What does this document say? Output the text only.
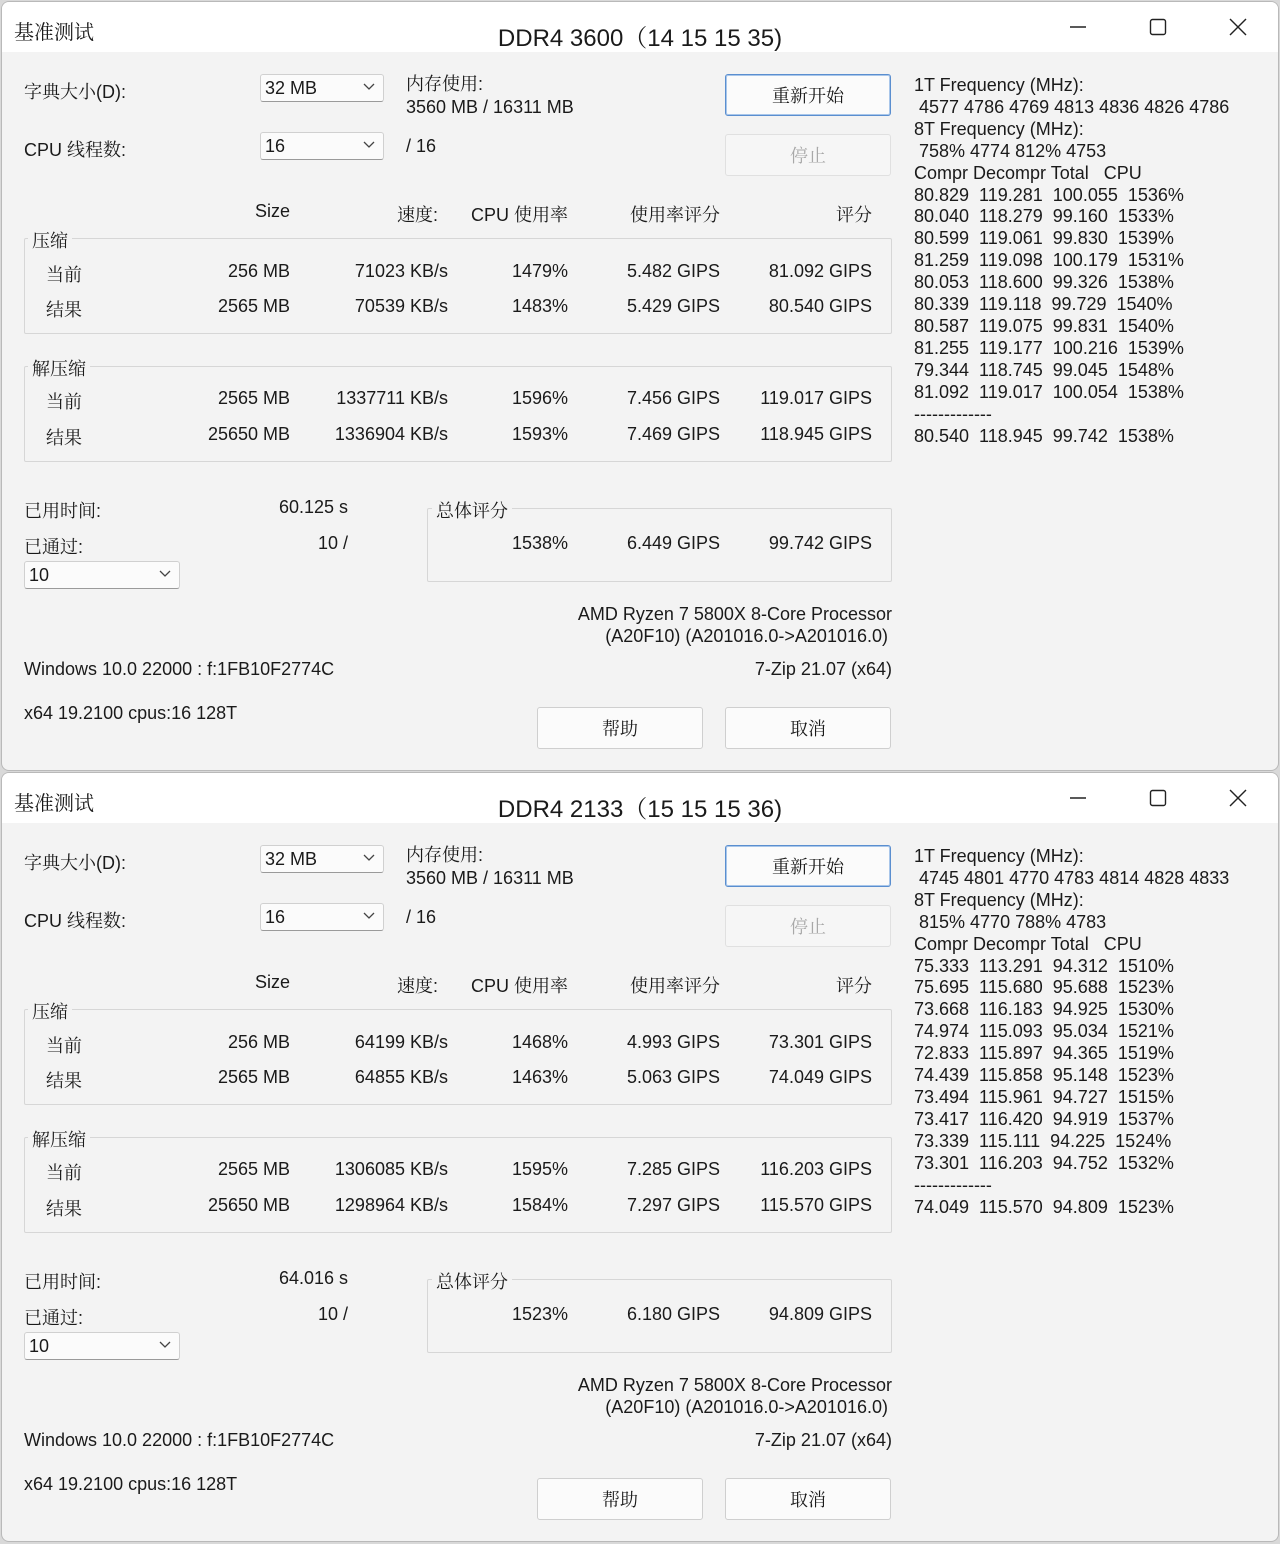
基准测试	DDR4 3600（14 15 15 35)
字典大小(D):	32 MB
CPU 线程数:	16	/ 16
内存使用:
3560 MB / 16311 MB
重新开始
停止
Size	速度:	CPU 使用率	使用率评分	评分
压缩
当前	256 MB	71023 KB/s	1479%	5.482 GIPS	81.092 GIPS
结果	2565 MB	70539 KB/s	1483%	5.429 GIPS	80.540 GIPS
解压缩
当前	2565 MB	1337711 KB/s	1596%	7.456 GIPS	119.017 GIPS
结果	25650 MB	1336904 KB/s	1593%	7.469 GIPS	118.945 GIPS
已用时间:	60.125 s
已通过:	10 /
10
总体评分
1538%	6.449 GIPS	99.742 GIPS
AMD Ryzen 7 5800X 8-Core Processor
(A20F10) (A201016.0->A201016.0)
Windows 10.0 22000 : f:1FB10F2774C	7-Zip 21.07 (x64)
x64 19.2100 cpus:16 128T
帮助	取消
1T Frequency (MHz):
4577 4786 4769 4813 4836 4826 4786
8T Frequency (MHz):
758% 4774 812% 4753
Compr Decompr Total   CPU
80.829  119.281  100.055  1536%
80.040  118.279  99.160  1533%
80.599  119.061  99.830  1539%
81.259  119.098  100.179  1531%
80.053  118.600  99.326  1538%
80.339  119.118  99.729  1540%
80.587  119.075  99.831  1540%
81.255  119.177  100.216  1539%
79.344  118.745  99.045  1548%
81.092  119.017  100.054  1538%
-------------
80.540  118.945  99.742  1538%
基准测试	DDR4 2133（15 15 15 36)
字典大小(D):	32 MB
CPU 线程数:	16	/ 16
内存使用:
3560 MB / 16311 MB
重新开始
停止
Size	速度:	CPU 使用率	使用率评分	评分
压缩
当前	256 MB	64199 KB/s	1468%	4.993 GIPS	73.301 GIPS
结果	2565 MB	64855 KB/s	1463%	5.063 GIPS	74.049 GIPS
解压缩
当前	2565 MB	1306085 KB/s	1595%	7.285 GIPS	116.203 GIPS
结果	25650 MB	1298964 KB/s	1584%	7.297 GIPS	115.570 GIPS
已用时间:	64.016 s
已通过:	10 /
10
总体评分
1523%	6.180 GIPS	94.809 GIPS
AMD Ryzen 7 5800X 8-Core Processor
(A20F10) (A201016.0->A201016.0)
Windows 10.0 22000 : f:1FB10F2774C	7-Zip 21.07 (x64)
x64 19.2100 cpus:16 128T
帮助	取消
1T Frequency (MHz):
4745 4801 4770 4783 4814 4828 4833
8T Frequency (MHz):
815% 4770 788% 4783
Compr Decompr Total   CPU
75.333  113.291  94.312  1510%
75.695  115.680  95.688  1523%
73.668  116.183  94.925  1530%
74.974  115.093  95.034  1521%
72.833  115.897  94.365  1519%
74.439  115.858  95.148  1523%
73.494  115.961  94.727  1515%
73.417  116.420  94.919  1537%
73.339  115.111  94.225  1524%
73.301  116.203  94.752  1532%
-------------
74.049  115.570  94.809  1523%
